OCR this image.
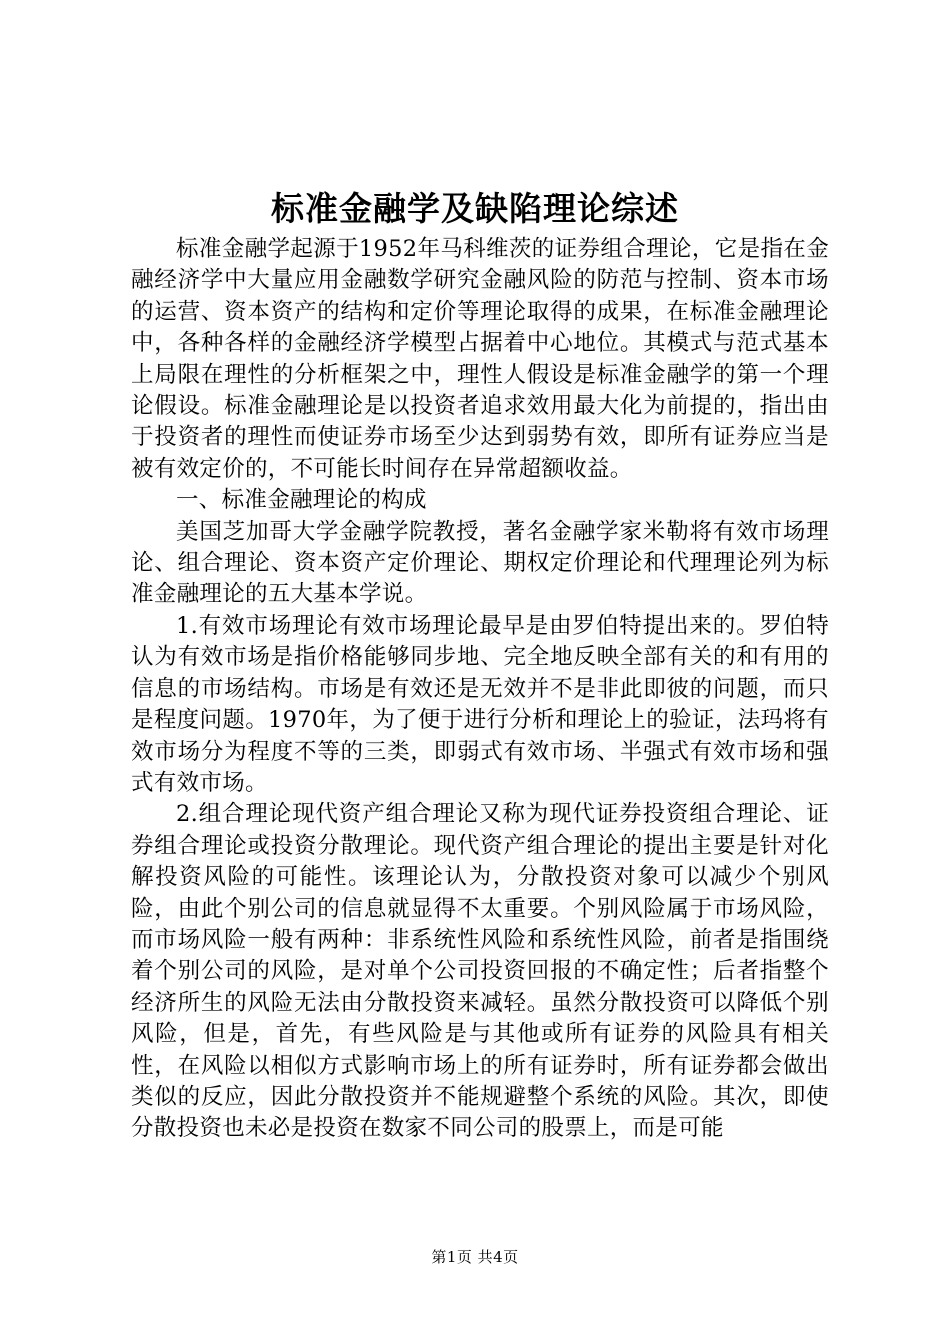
标准金融学及缺陷理论综述

标准金融学起源于1952年马科维茨的证券组合理论，它是指在金融经济学中大量应用金融数学研究金融风险的防范与控制、资本市场的运营、资本资产的结构和定价等理论取得的成果，在标准金融理论中，各种各样的金融经济学模型占据着中心地位。其模式与范式基本上局限在理性的分析框架之中，理性人假设是标准金融学的第一个理论假设。标准金融理论是以投资者追求效用最大化为前提的，指出由于投资者的理性而使证券市场至少达到弱势有效，即所有证券应当是被有效定价的，不可能长时间存在异常超额收益。

一、标准金融理论的构成

美国芝加哥大学金融学院教授，著名金融学家米勒将有效市场理论、组合理论、资本资产定价理论、期权定价理论和代理理论列为标准金融理论的五大基本学说。

1.有效市场理论有效市场理论最早是由罗伯特提出来的。罗伯特认为有效市场是指价格能够同步地、完全地反映全部有关的和有用的信息的市场结构。市场是有效还是无效并不是非此即彼的问题，而只是程度问题。1970年，为了便于进行分析和理论上的验证，法玛将有效市场分为程度不等的三类，即弱式有效市场、半强式有效市场和强式有效市场。

2.组合理论现代资产组合理论又称为现代证券投资组合理论、证券组合理论或投资分散理论。现代资产组合理论的提出主要是针对化解投资风险的可能性。该理论认为，分散投资对象可以减少个别风险，由此个别公司的信息就显得不太重要。个别风险属于市场风险，而市场风险一般有两种：非系统性风险和系统性风险，前者是指围绕着个别公司的风险，是对单个公司投资回报的不确定性；后者指整个经济所生的风险无法由分散投资来减轻。虽然分散投资可以降低个别风险，但是，首先，有些风险是与其他或所有证券的风险具有相关性，在风险以相似方式影响市场上的所有证券时，所有证券都会做出类似的反应，因此分散投资并不能规避整个系统的风险。其次，即使分散投资也未必是投资在数家不同公司的股票上，而是可能

第1页 共4页
